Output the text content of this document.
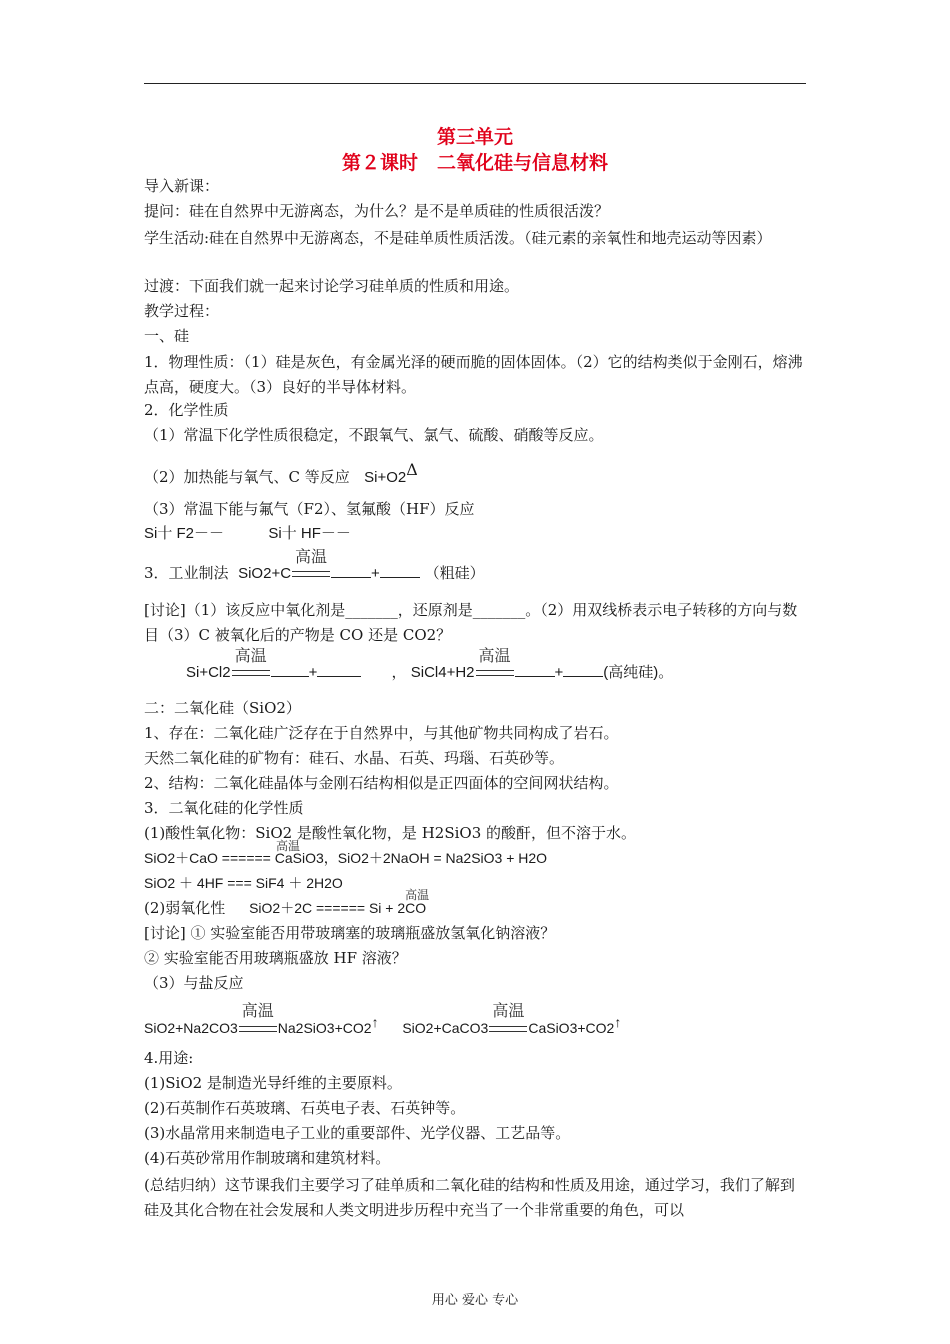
第三单元
第２课时　二氧化硅与信息材料
导入新课：
提问：硅在自然界中无游离态，为什么？是不是单质硅的性质很活泼？
学生活动:硅在自然界中无游离态，不是硅单质性质活泼。（硅元素的亲氧性和地壳运动等因素）
过渡：下面我们就一起来讨论学习硅单质的性质和用途。
教学过程：
一、硅
1．物理性质：（1）硅是灰色，有金属光泽的硬而脆的固体固体。（2）它的结构类似于金刚石，熔沸点高，硬度大。（3）良好的半导体材料。
2．化学性质
（1）常温下化学性质很稳定，不跟氧气、氯气、硫酸、硝酸等反应。
（2）加热能与氧气、C 等反应 Si+O2Δ
（3）常温下能与氟气（F2）、氢氟酸（HF）反应
Si十 F2－－	Si十 HF－－
3．工业制法 SiO2+C
高温
+	（粗硅）
[讨论]（1）该反应中氧化剂是_______，还原剂是_______。（2）用双线桥表示电子转移的方向与数目（3）C 被氧化后的产物是 CO 还是 CO2？
Si+Cl2
高温
+	， SiCl4+H2
高温
+	(高纯硅)。
二：二氧化硅（SiO2）
1、存在：二氧化硅广泛存在于自然界中，与其他矿物共同构成了岩石。
天然二氧化硅的矿物有：硅石、水晶、石英、玛瑙、石英砂等。
2、结构：二氧化硅晶体与金刚石结构相似是正四面体的空间网状结构。
3．二氧化硅的化学性质
(1)酸性氧化物：SiO2 是酸性氧化物，是 H2SiO3 的酸酐，但不溶于水。
高温
SiO2＋CaO ====== CaSiO3，SiO2＋2NaOH = Na2SiO3 + H2O
SiO2 ＋ 4HF === SiF4 ＋ 2H2O
(2)弱氧化性
高温
SiO2＋2C ====== Si + 2CO
[讨论] ① 实验室能否用带玻璃塞的玻璃瓶盛放氢氧化钠溶液？
② 实验室能否用玻璃瓶盛放 HF 溶液？
（3）与盐反应
SiO2+Na2CO3
高温
Na2SiO3+CO2↑ SiO2+CaCO3
高温
CaSiO3+CO2↑
4.用途:
(1)SiO2 是制造光导纤维的主要原料。
(2)石英制作石英玻璃、石英电子表、石英钟等。
(3)水晶常用来制造电子工业的重要部件、光学仪器、工艺品等。
(4)石英砂常用作制玻璃和建筑材料。
(总结归纳）这节课我们主要学习了硅单质和二氧化硅的结构和性质及用途，通过学习，我们了解到硅及其化合物在社会发展和人类文明进步历程中充当了一个非常重要的角色，可以
用心 爱心 专心
